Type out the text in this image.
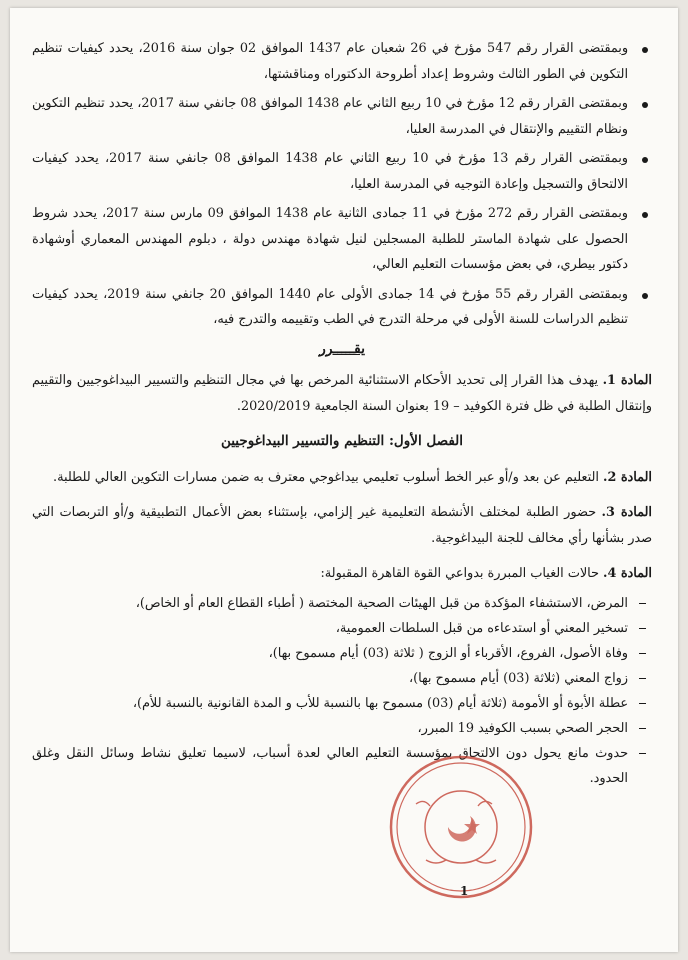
وبمقتضى القرار رقم 547 مؤرخ في 26 شعبان عام 1437 الموافق 02 جوان سنة 2016، يحدد كيفيات تنظيم التكوين في الطور الثالث وشروط إعداد أطروحة الدكتوراه ومناقشتها،
وبمقتضى القرار رقم 12 مؤرخ في 10 ربيع الثاني عام 1438 الموافق 08 جانفي سنة 2017، يحدد تنظيم التكوين ونظام التقييم والإنتقال في المدرسة العليا،
وبمقتضى القرار رقم 13 مؤرخ في 10 ربيع الثاني عام 1438 الموافق 08 جانفي سنة 2017، يحدد كيفيات الالتحاق والتسجيل وإعادة التوجيه في المدرسة العليا،
وبمقتضى القرار رقم 272 مؤرخ في 11 جمادى الثانية عام 1438 الموافق 09 مارس سنة 2017، يحدد شروط الحصول على شهادة الماستر للطلبة المسجلين لنيل شهادة مهندس دولة ، دبلوم المهندس المعماري أوشهادة دكتور بيطري، في بعض مؤسسات التعليم العالي،
وبمقتضى القرار رقم 55 مؤرخ في 14 جمادى الأولى عام 1440 الموافق 20 جانفي سنة 2019، يحدد كيفيات تنظيم الدراسات للسنة الأولى في مرحلة التدرج في الطب وتقييمه والتدرج فيه،
يقـــــرر
المادة 1. يهدف هذا القرار إلى تحديد الأحكام الاستثنائية المرخص بها في مجال التنظيم والتسيير البيداغوجيين والتقييم وإنتقال الطلبة في ظل فترة الكوفيد – 19 بعنوان السنة الجامعية 2020/2019.
الفصل الأول: التنظيم والتسيير البيداغوجيين
المادة 2. التعليم عن بعد و/أو عبر الخط أسلوب تعليمي بيداغوجي معترف به ضمن مسارات التكوين العالي للطلبة.
المادة 3. حضور الطلبة لمختلف الأنشطة التعليمية غير إلزامي، بإستثناء بعض الأعمال التطبيقية و/أو التربصات التي صدر بشأنها رأي مخالف للجنة البيداغوجية.
المادة 4. حالات الغياب المبررة بدواعي القوة القاهرة المقبولة:
المرض، الاستشفاء المؤكدة من قبل الهيئات الصحية المختصة ( أطباء القطاع العام أو الخاص)،
تسخير المعني أو استدعاءه من قبل السلطات العمومية،
وفاة الأصول، الفروع، الأقرباء أو الزوج ( ثلاثة (03) أيام مسموح بها)،
زواج المعني (ثلاثة (03) أيام مسموح بها)،
عطلة الأبوة أو الأمومة (ثلاثة أيام (03) مسموح بها بالنسبة للأب و المدة القانونية بالنسبة للأم)،
الحجر الصحي بسبب الكوفيد 19 المبرر،
حدوث مانع يحول دون الالتحاق بمؤسسة التعليم العالي لعدة أسباب، لاسيما تعليق نشاط وسائل النقل وغلق الحدود.
1
